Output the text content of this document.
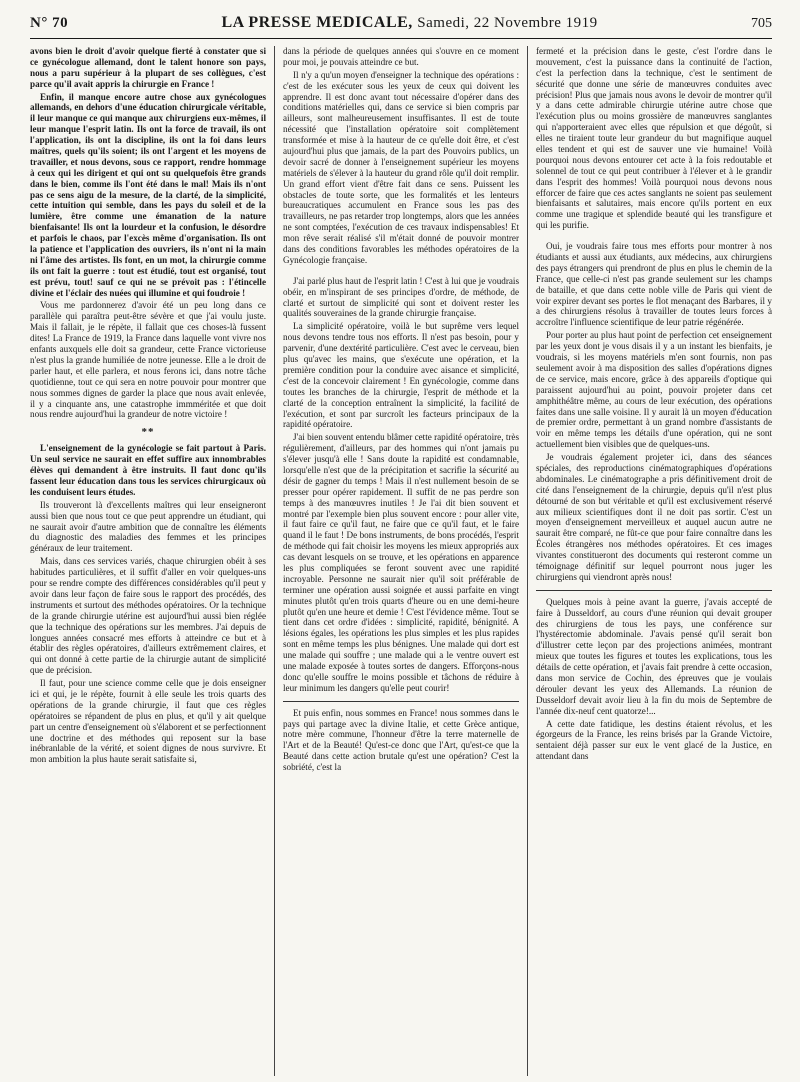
N° 70	LA PRESSE MEDICALE, Samedi, 22 Novembre 1919	705

avons bien le droit d'avoir quelque fierté à constater que si ce gynécologue allemand, dont le talent honore son pays, nous a paru supérieur à la plupart de ses collègues, c'est parce qu'il avait appris la chirurgie en France !

Enfin, il manque encore autre chose aux gynécologues allemands, en dehors d'une éducation chirurgicale véritable, il leur manque ce qui manque aux chirurgiens eux-mêmes, il leur manque l'esprit latin. Ils ont la force de travail, ils ont l'application, ils ont la discipline, ils ont la foi dans leurs maîtres, quels qu'ils soient; ils ont l'argent et les moyens de travailler, et nous devons, sous ce rapport, rendre hommage à ceux qui les dirigent et qui ont su quelquefois être grands dans le bien, comme ils l'ont été dans le mal! Mais ils n'ont pas ce sens aigu de la mesure, de la clarté, de la simplicité, cette intuition qui semble, dans les pays du soleil et de la lumière, être comme une émanation de la nature bienfaisante! Ils ont la lourdeur et la confusion, le désordre et parfois le chaos, par l'excès même d'organisation. Ils ont la patience et l'application des ouvriers, ils n'ont ni la main ni l'âme des artistes. Ils font, en un mot, la chirurgie comme ils ont fait la guerre : tout est étudié, tout est organisé, tout est prévu, tout! sauf ce qui ne se prévoit pas : l'étincelle divine et l'éclair des nuées qui illumine et qui foudroie !

Vous me pardonnerez d'avoir été un peu long dans ce parallèle qui paraîtra peut-être sévère et que j'ai voulu juste. Mais il fallait, je le répète, il fallait que ces choses-là fussent dites! La France de 1919, la France dans laquelle vont vivre nos enfants auxquels elle doit sa grandeur, cette France victorieuse n'est plus la grande humiliée de notre jeunesse. Elle a le droit de parler haut, et elle parlera, et nous ferons ici, dans notre tâche quotidienne, tout ce qui sera en notre pouvoir pour montrer que nous sommes dignes de garder la place que nous avait enlevée, il y a cinquante ans, une catastrophe immméritée et que doit nous rendre aujourd'hui la grandeur de notre victoire !

**

L'enseignement de la gynécologie se fait partout à Paris. Un seul service ne saurait en effet suffire aux innombrables élèves qui demandent à être instruits. Il faut donc qu'ils fassent leur éducation dans tous les services chirurgicaux où les conduisent leurs études.

Ils trouveront là d'excellents maîtres qui leur enseigneront aussi bien que nous tout ce que peut apprendre un étudiant, qui ne saurait avoir d'autre ambition que de connaître les éléments du diagnostic des maladies des femmes et les principes généraux de leur traitement.

Mais, dans ces services variés, chaque chirurgien obéit à ses habitudes particulières, et il suffit d'aller en voir quelques-uns pour se rendre compte des différences considérables qu'il peut y avoir dans leur façon de faire sous le rapport des procédés, des instruments et surtout des méthodes opératoires. Or la technique de la grande chirurgie utérine est aujourd'hui aussi bien réglée que la technique des opérations sur les membres. J'ai depuis de longues années consacré mes efforts à atteindre ce but et à établir des règles opératoires, d'ailleurs extrêmement claires, et qui ont donné à cette partie de la chirurgie autant de simplicité que de précision.

Il faut, pour une science comme celle que je dois enseigner ici et qui, je le répète, fournit à elle seule les trois quarts des opérations de la grande chirurgie, il faut que ces règles opératoires se répandent de plus en plus, et qu'il y ait quelque part un centre d'enseignement où s'élaborent et se perfectionnent une doctrine et des méthodes qui reposent sur la base inébranlable de la vérité, et soient dignes de nous survivre. Et mon ambition la plus haute serait satisfaite si,

dans la période de quelques années qui s'ouvre en ce moment pour moi, je pouvais atteindre ce but.

Il n'y a qu'un moyen d'enseigner la technique des opérations : c'est de les exécuter sous les yeux de ceux qui doivent les apprendre. Il est donc avant tout nécessaire d'opérer dans des conditions matérielles qui, dans ce service si bien compris par ailleurs, sont malheureusement insuffisantes. Il est de toute nécessité que l'installation opératoire soit complètement transformée et mise à la hauteur de ce qu'elle doit être, et c'est aujourd'hui plus que jamais, de la part des Pouvoirs publics, un devoir sacré de donner à l'enseignement supérieur les moyens matériels de s'élever à la hauteur du grand rôle qu'il doit remplir. Un grand effort vient d'être fait dans ce sens. Puissent les obstacles de toute sorte, que les formalités et les lenteurs bureaucratiques accumulent en France sous les pas des travailleurs, ne pas retarder trop longtemps, alors que les années ne sont comptées, l'exécution de ces travaux indispensables! Et mon rêve serait réalisé s'il m'était donné de pouvoir montrer dans des conditions favorables les méthodes opératoires de la Gynécologie française.

J'ai parlé plus haut de l'esprit latin ! C'est à lui que je voudrais obéir, en m'inspirant de ses principes d'ordre, de méthode, de clarté et surtout de simplicité qui sont et doivent rester les qualités souveraines de la grande chirurgie française.

La simplicité opératoire, voilà le but suprême vers lequel nous devons tendre tous nos efforts. Il n'est pas besoin, pour y parvenir, d'une dextérité particulière. C'est avec le cerveau, bien plus qu'avec les mains, que s'exécute une opération, et la première condition pour la conduire avec aisance et simplicité, c'est de la concevoir clairement ! En gynécologie, comme dans toutes les branches de la chirurgie, l'esprit de méthode et la clarté de la conception entraînent la simplicité, la facilité de l'exécution, et sont par surcroît les facteurs principaux de la rapidité opératoire.

J'ai bien souvent entendu blâmer cette rapidité opératoire, très régulièrement, d'ailleurs, par des hommes qui n'ont jamais pu s'élever jusqu'à elle ! Sans doute la rapidité est condamnable, lorsqu'elle n'est que de la précipitation et sacrifie la sécurité au désir de gagner du temps ! Mais il n'est nullement besoin de se presser pour opérer rapidement. Il suffit de ne pas perdre son temps à des manœuvres inutiles ! Je l'ai dit bien souvent et montré par l'exemple bien plus souvent encore : pour aller vite, il faut faire ce qu'il faut, ne faire que ce qu'il faut, et le faire quand il le faut ! De bons instruments, de bons procédés, l'esprit de méthode qui fait choisir les moyens les mieux appropriés aux cas devant lesquels on se trouve, et les opérations en apparence les plus compliquées se feront souvent avec une rapidité incroyable. Personne ne saurait nier qu'il soit préférable de terminer une opération aussi soignée et aussi parfaite en vingt minutes plutôt qu'en trois quarts d'heure ou en une demi-heure plutôt qu'en une heure et demie ! C'est l'évidence même. Tout se tient dans cet ordre d'idées : simplicité, rapidité, bénignité. A lésions égales, les opérations les plus simples et les plus rapides sont en même temps les plus bénignes. Une malade qui dort est une malade qui souffre ; une malade qui a le ventre ouvert est une malade exposée à toutes sortes de dangers. Efforçons-nous donc qu'elle souffre le moins possible et tâchons de réduire à leur minimum les dangers qu'elle peut courir!

Et puis enfin, nous sommes en France! nous sommes dans le pays qui partage avec la divine Italie, et cette Grèce antique, notre mère commune, l'honneur d'être la terre maternelle de l'Art et de la Beauté! Qu'est-ce donc que l'Art, qu'est-ce que la Beauté dans cette action brutale qu'est une opération? C'est la sobriété, c'est la

fermeté et la précision dans le geste, c'est l'ordre dans le mouvement, c'est la puissance dans la continuité de l'action, c'est la perfection dans la technique, c'est le sentiment de sécurité que donne une série de manœuvres conduites avec précision! Plus que jamais nous avons le devoir de montrer qu'il y a dans cette admirable chirurgie utérine autre chose que l'exécution plus ou moins grossière de manœuvres sanglantes qui n'apporteraient avec elles que répulsion et que dégoût, si elles ne tiraient toute leur grandeur du but magnifique auquel elles tendent et qui est de sauver une vie humaine! Voilà pourquoi nous devons entourer cet acte à la fois redoutable et solennel de tout ce qui peut contribuer à l'élever et à le grandir dans l'esprit des hommes! Voilà pourquoi nous devons nous efforcer de faire que ces actes sanglants ne soient pas seulement bienfaisants et salutaires, mais encore qu'ils portent en eux comme une tragique et splendide beauté qui les transfigure et qui les purifie.

Oui, je voudrais faire tous mes efforts pour montrer à nos étudiants et aussi aux étudiants, aux médecins, aux chirurgiens des pays étrangers qui prendront de plus en plus le chemin de la France, que celle-ci n'est pas grande seulement sur les champs de bataille, et que dans cette noble ville de Paris qui vient de voir expirer devant ses portes le flot menaçant des Barbares, il y a des chirurgiens résolus à travailler de toutes leurs forces à accroître l'influence scientifique de leur patrie régénérée.

Pour porter au plus haut point de perfection cet enseignement par les yeux dont je vous disais il y a un instant les bienfaits, je voudrais, si les moyens matériels m'en sont fournis, non pas seulement avoir à ma disposition des salles d'opérations dignes de ce service, mais encore, grâce à des appareils d'optique qui paraissent aujourd'hui au point, pouvoir projeter dans cet amphithéâtre même, au cours de leur exécution, des opérations faites dans une salle voisine. Il y aurait là un moyen d'éducation de premier ordre, permettant à un grand nombre d'assistants de voir en même temps les détails d'une opération, qui ne sont actuellement bien visibles que de quelques-uns.

Je voudrais également projeter ici, dans des séances spéciales, des reproductions cinématographiques d'opérations abdominales. Le cinématographe a pris définitivement droit de cité dans l'enseignement de la chirurgie, depuis qu'il n'est plus détourné de son but véritable et qu'il est exclusivement réservé aux milieux scientifiques dont il ne doit pas sortir. C'est un moyen d'enseignement merveilleux et auquel aucun autre ne saurait être comparé, ne fût-ce que pour faire connaître dans les Écoles étrangères nos méthodes opératoires. Et ces images vivantes constitueront des documents qui resteront comme un témoignage définitif sur lequel pourront nous juger les chirurgiens qui viendront après nous!

Quelques mois à peine avant la guerre, j'avais accepté de faire à Dusseldorf, au cours d'une réunion qui devait grouper des chirurgiens de tous les pays, une conférence sur l'hystérectomie abdominale. J'avais pensé qu'il serait bon d'illustrer cette leçon par des projections animées, montrant mieux que toutes les figures et toutes les explications, tous les détails de cette opération, et j'avais fait prendre à cette occasion, dans mon service de Cochin, des épreuves que je voulais dérouler devant les yeux des Allemands. La réunion de Dusseldorf devait avoir lieu à la fin du mois de Septembre de l'année dix-neuf cent quatorze!...

A cette date fatidique, les destins étaient révolus, et les égorgeurs de la France, les reins brisés par la Grande Victoire, sentaient déjà passer sur eux le vent glacé de la Justice, en attendant dans
